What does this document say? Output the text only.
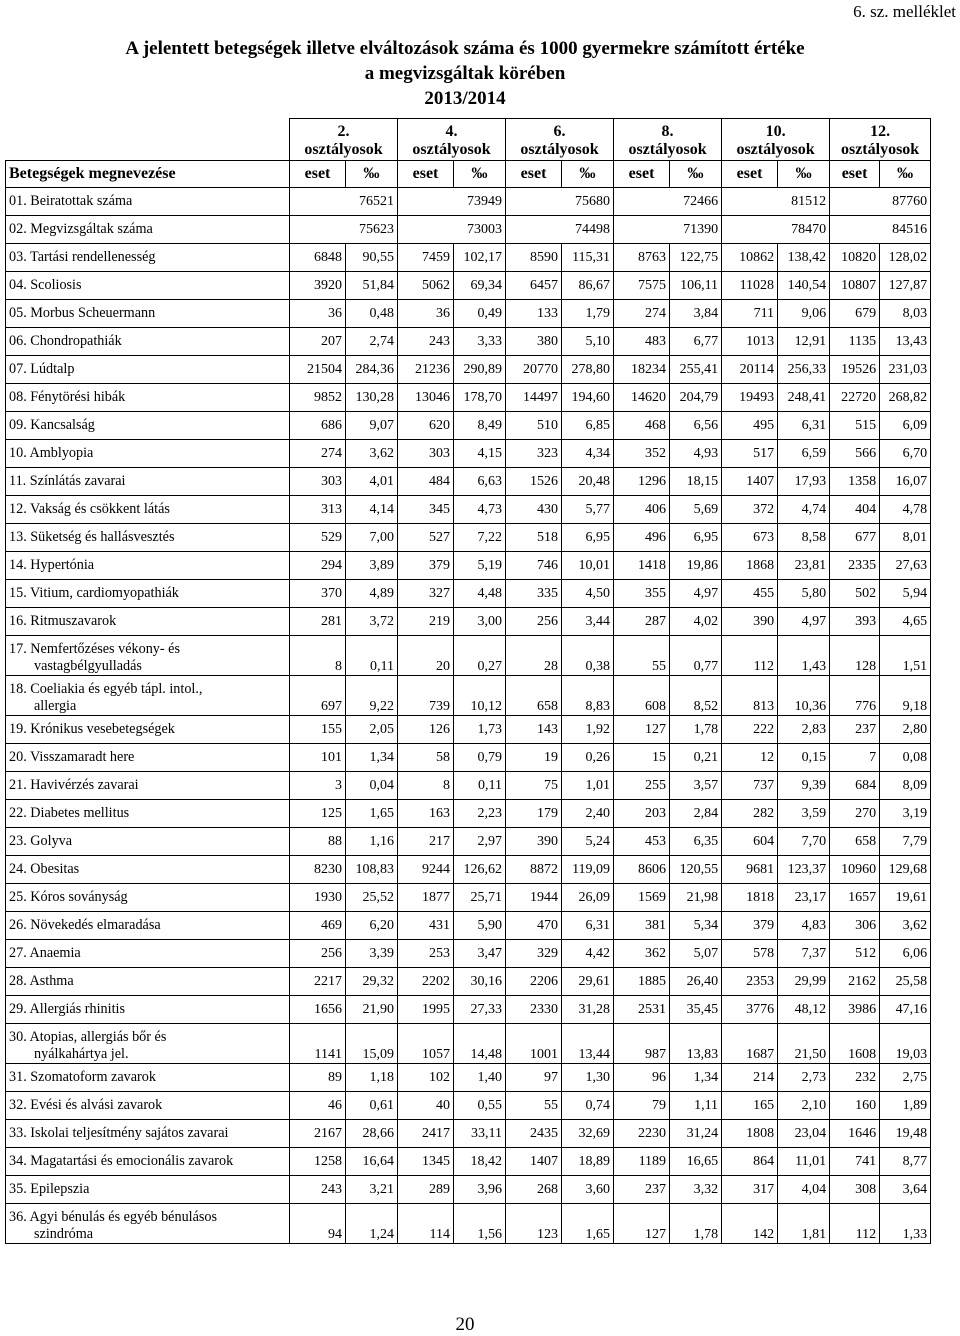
6. sz. melléklet
A jelentett betegségek illetve elváltozások száma és 1000 gyermekre számított értéke
a megvizsgáltak körében
2013/2014
	2.
osztályosok		4.
osztályosok		6.
osztályosok		8.
osztályosok		10.
osztályosok		12.
osztályosok	
Betegségek megnevezése	eset	‰	eset	‰	eset	‰	eset	‰	eset	‰	eset	‰
01. Beiratottak száma	76521		73949		75680		72466		81512		87760	
02. Megvizsgáltak száma	75623		73003		74498		71390		78470		84516	
03. Tartási rendellenesség	6848	90,55	7459	102,17	8590	115,31	8763	122,75	10862	138,42	10820	128,02
04. Scoliosis	3920	51,84	5062	69,34	6457	86,67	7575	106,11	11028	140,54	10807	127,87
05. Morbus Scheuermann	36	0,48	36	0,49	133	1,79	274	3,84	711	9,06	679	8,03
06. Chondropathiák	207	2,74	243	3,33	380	5,10	483	6,77	1013	12,91	1135	13,43
07. Lúdtalp	21504	284,36	21236	290,89	20770	278,80	18234	255,41	20114	256,33	19526	231,03
08. Fénytörési hibák	9852	130,28	13046	178,70	14497	194,60	14620	204,79	19493	248,41	22720	268,82
09. Kancsalság	686	9,07	620	8,49	510	6,85	468	6,56	495	6,31	515	6,09
10. Amblyopia	274	3,62	303	4,15	323	4,34	352	4,93	517	6,59	566	6,70
11. Színlátás zavarai	303	4,01	484	6,63	1526	20,48	1296	18,15	1407	17,93	1358	16,07
12. Vakság és csökkent látás	313	4,14	345	4,73	430	5,77	406	5,69	372	4,74	404	4,78
13. Süketség és hallásvesztés	529	7,00	527	7,22	518	6,95	496	6,95	673	8,58	677	8,01
14. Hypertónia	294	3,89	379	5,19	746	10,01	1418	19,86	1868	23,81	2335	27,63
15. Vitium, cardiomyopathiák	370	4,89	327	4,48	335	4,50	355	4,97	455	5,80	502	5,94
16. Ritmuszavarok	281	3,72	219	3,00	256	3,44	287	4,02	390	4,97	393	4,65
17. Nemfertőzéses vékony- és
vastagbélgyulladás	8	0,11	20	0,27	28	0,38	55	0,77	112	1,43	128	1,51
18. Coeliakia és egyéb tápl. intol.,
allergia	697	9,22	739	10,12	658	8,83	608	8,52	813	10,36	776	9,18
19. Krónikus vesebetegségek	155	2,05	126	1,73	143	1,92	127	1,78	222	2,83	237	2,80
20. Visszamaradt here	101	1,34	58	0,79	19	0,26	15	0,21	12	0,15	7	0,08
21. Havivérzés zavarai	3	0,04	8	0,11	75	1,01	255	3,57	737	9,39	684	8,09
22. Diabetes mellitus	125	1,65	163	2,23	179	2,40	203	2,84	282	3,59	270	3,19
23. Golyva	88	1,16	217	2,97	390	5,24	453	6,35	604	7,70	658	7,79
24. Obesitas	8230	108,83	9244	126,62	8872	119,09	8606	120,55	9681	123,37	10960	129,68
25. Kóros soványság	1930	25,52	1877	25,71	1944	26,09	1569	21,98	1818	23,17	1657	19,61
26. Növekedés elmaradása	469	6,20	431	5,90	470	6,31	381	5,34	379	4,83	306	3,62
27. Anaemia	256	3,39	253	3,47	329	4,42	362	5,07	578	7,37	512	6,06
28. Asthma	2217	29,32	2202	30,16	2206	29,61	1885	26,40	2353	29,99	2162	25,58
29. Allergiás rhinitis	1656	21,90	1995	27,33	2330	31,28	2531	35,45	3776	48,12	3986	47,16
30. Atopias, allergiás bőr és
nyálkahártya jel.	1141	15,09	1057	14,48	1001	13,44	987	13,83	1687	21,50	1608	19,03
31. Szomatoform zavarok	89	1,18	102	1,40	97	1,30	96	1,34	214	2,73	232	2,75
32. Evési és alvási zavarok	46	0,61	40	0,55	55	0,74	79	1,11	165	2,10	160	1,89
33. Iskolai teljesítmény sajátos zavarai	2167	28,66	2417	33,11	2435	32,69	2230	31,24	1808	23,04	1646	19,48
34. Magatartási és emocionális zavarok	1258	16,64	1345	18,42	1407	18,89	1189	16,65	864	11,01	741	8,77
35. Epilepszia	243	3,21	289	3,96	268	3,60	237	3,32	317	4,04	308	3,64
36. Agyi bénulás és egyéb bénulásos
szindróma	94	1,24	114	1,56	123	1,65	127	1,78	142	1,81	112	1,33
20
